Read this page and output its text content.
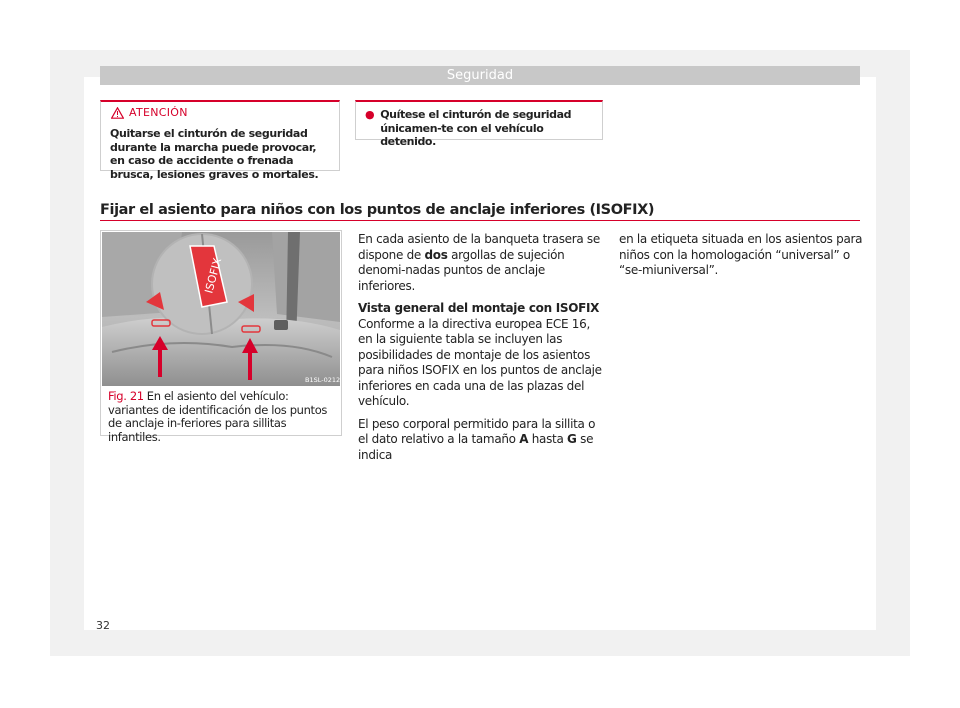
Seguridad
ATENCIÓN
Quitarse el cinturón de seguridad durante la marcha puede provocar, en caso de accidente o frenada brusca, lesiones graves o mortales.
● Quítese el cinturón de seguridad únicamen-te con el vehículo detenido.
Fijar el asiento para niños con los puntos de anclaje inferiores (ISOFIX)
ISOFIX
B1SL-0212
Fig. 21 En el asiento del vehículo: variantes de identificación de los puntos de anclaje in-feriores para sillitas infantiles.

En cada asiento de la banqueta trasera se dispone de dos argollas de sujeción denomi-nadas puntos de anclaje inferiores.

Vista general del montaje con ISOFIX
Conforme a la directiva europea ECE 16, en la siguiente tabla se incluyen las posibilidades de montaje de los asientos para niños ISOFIX en los puntos de anclaje inferiores en cada una de las plazas del vehículo.

El peso corporal permitido para la sillita o el dato relativo a la tamaño A hasta G se indica

en la etiqueta situada en los asientos para niños con la homologación “universal” o “se-miuniversal”.

32
